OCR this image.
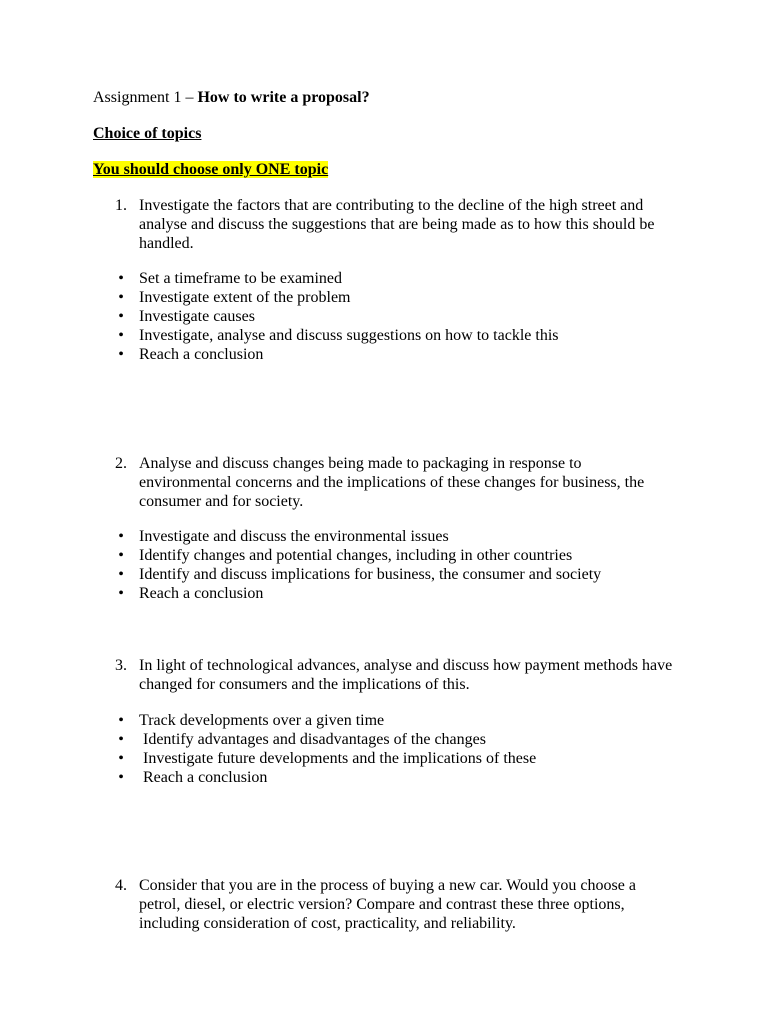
Assignment 1 – How to write a proposal?
Choice of topics
You should choose only ONE topic
1. Investigate the factors that are contributing to the decline of the high street and analyse and discuss the suggestions that are being made as to how this should be handled.
• Set a timeframe to be examined
• Investigate extent of the problem
• Investigate causes
• Investigate, analyse and discuss suggestions on how to tackle this
• Reach a conclusion
2. Analyse and discuss changes being made to packaging in response to environmental concerns and the implications of these changes for business, the consumer and for society.
• Investigate and discuss the environmental issues
• Identify changes and potential changes, including in other countries
• Identify and discuss implications for business, the consumer and society
• Reach a conclusion
3. In light of technological advances, analyse and discuss how payment methods have changed for consumers and the implications of this.
• Track developments over a given time
• Identify advantages and disadvantages of the changes
• Investigate future developments and the implications of these
• Reach a conclusion
4. Consider that you are in the process of buying a new car. Would you choose a petrol, diesel, or electric version? Compare and contrast these three options, including consideration of cost, practicality, and reliability.
